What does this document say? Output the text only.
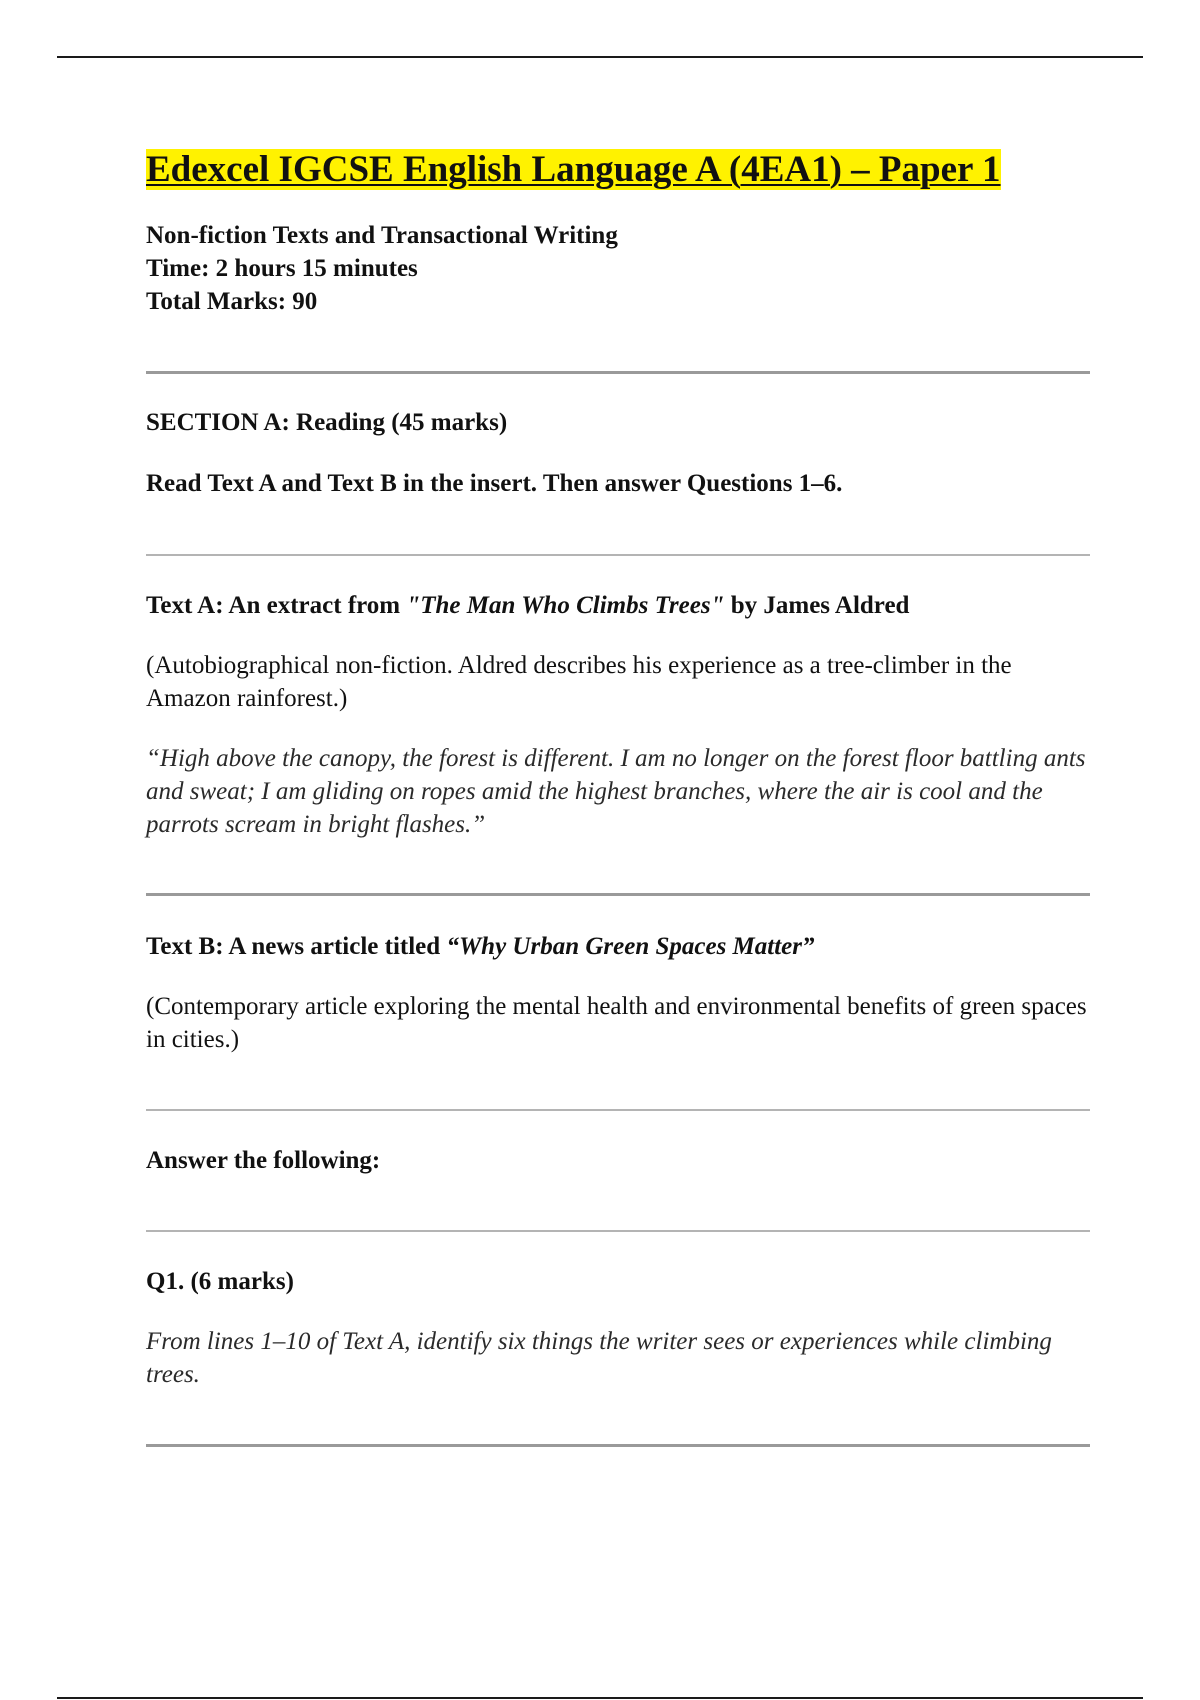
Edexcel IGCSE English Language A (4EA1) – Paper 1
Non-fiction Texts and Transactional Writing
Time: 2 hours 15 minutes
Total Marks: 90
SECTION A: Reading (45 marks)
Read Text A and Text B in the insert. Then answer Questions 1–6.
Text A: An extract from "The Man Who Climbs Trees" by James Aldred
(Autobiographical non-fiction. Aldred describes his experience as a tree-climber in the Amazon rainforest.)
“High above the canopy, the forest is different. I am no longer on the forest floor battling ants and sweat; I am gliding on ropes amid the highest branches, where the air is cool and the parrots scream in bright flashes.”
Text B: A news article titled “Why Urban Green Spaces Matter”
(Contemporary article exploring the mental health and environmental benefits of green spaces in cities.)
Answer the following:
Q1. (6 marks)
From lines 1–10 of Text A, identify six things the writer sees or experiences while climbing trees.
